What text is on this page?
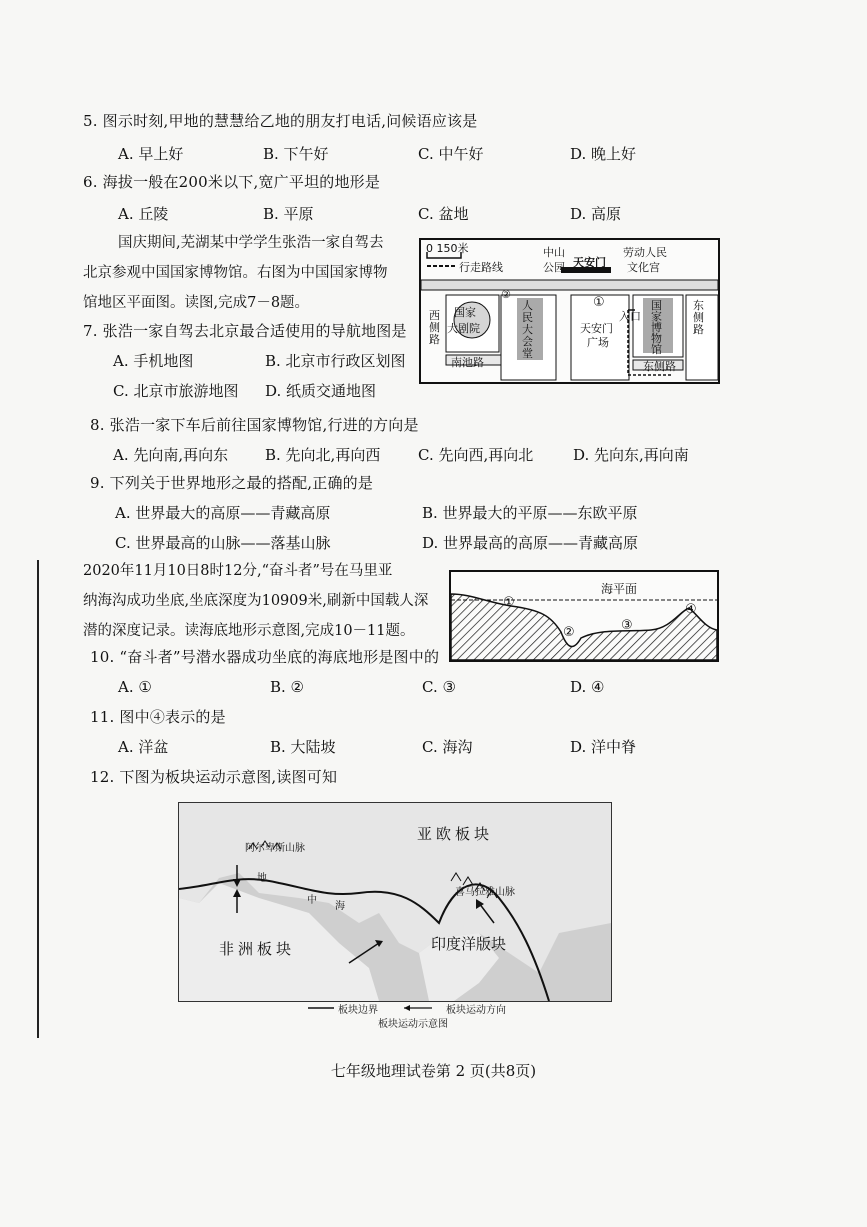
5. 图示时刻,甲地的慧慧给乙地的朋友打电话,问候语应该是
A. 早上好	B. 下午好	C. 中午好	D. 晚上好
6. 海拔一般在200米以下,宽广平坦的地形是
A. 丘陵	B. 平原	C. 盆地	D. 高原
国庆期间,芜湖某中学学生张浩一家自驾去
北京参观中国国家博物馆。右图为中国国家博物
馆地区平面图。读图,完成7－8题。
0 150米
行走路线
中山
公园 天安门
劳动人民
文化宫
国家
大剧院
人民大会堂
②
①
天安门
广场
入口
国家博物馆
南池路	东侧路
西侧路
东侧路
7. 张浩一家自驾去北京最合适使用的导航地图是
A. 手机地图	B. 北京市行政区划图
C. 北京市旅游地图 D. 纸质交通地图
8. 张浩一家下车后前往国家博物馆,行进的方向是
A. 先向南,再向东 B. 先向北,再向西	C. 先向西,再向北	D. 先向东,再向南
9. 下列关于世界地形之最的搭配,正确的是
A. 世界最大的高原——青藏高原	B. 世界最大的平原——东欧平原
C. 世界最高的山脉——落基山脉	D. 世界最高的高原——青藏高原
2020年11月10日8时12分,“奋斗者”号在马里亚
纳海沟成功坐底,坐底深度为10909米,刷新中国载人深
潜的深度记录。读海底地形示意图,完成10－11题。
海平面
①
②	③
④
10. “奋斗者”号潜水器成功坐底的海底地形是图中的
A. ①	B. ②	C. ③	D. ④
11. 图中④表示的是
A. 洋盆	B. 大陆坡	C. 海沟	D. 洋中脊
12. 下图为板块运动示意图,读图可知
亚欧板块
非洲板块	印度洋版块
阿尔卑斯山脉
喜马拉雅山脉
地
中
海
板块边界	板块运动方向
板块运动示意图
七年级地理试卷第 2 页(共8页)
